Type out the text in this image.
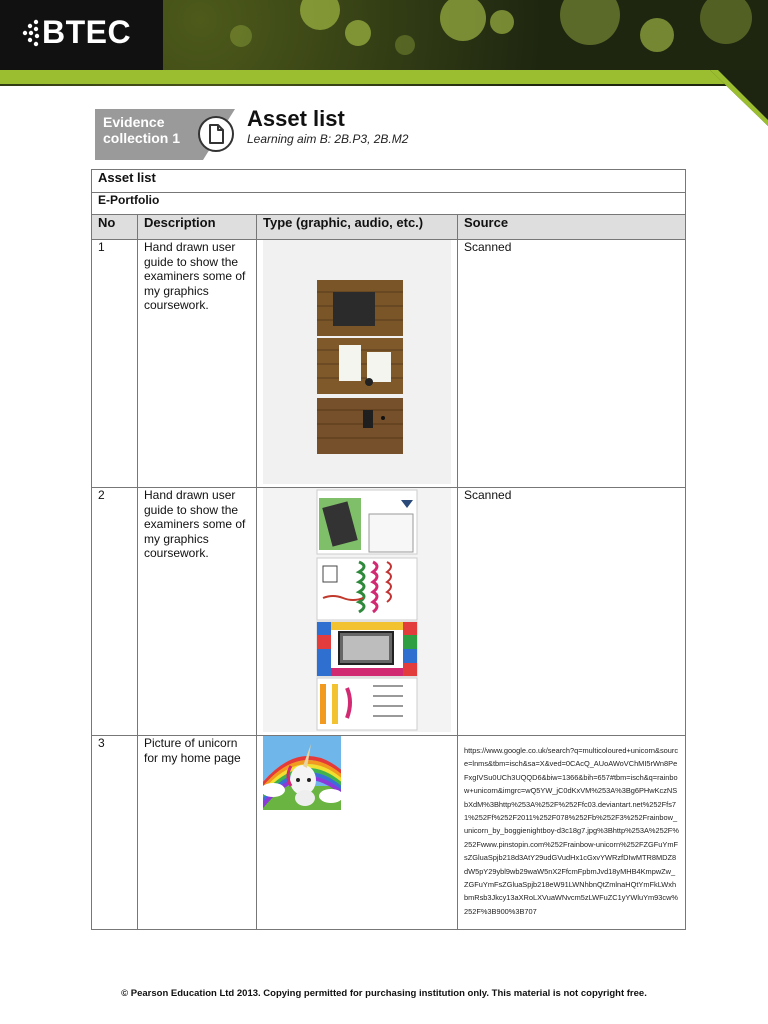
BTEC
Evidence collection 1
Asset list
Learning aim B: 2B.P3, 2B.M2
Asset list			
E-Portfolio			
No	Description	Type (graphic, audio, etc.)	Source
1	Hand drawn user guide to show the examiners some of my graphics coursework.		Scanned
2	Hand drawn user guide to show the examiners some of my graphics coursework.		Scanned
3	Picture of unicorn for my home page		https://www.google.co.uk/search?q=multicoloured+unicorn&source=lnms&tbm=isch&sa=X&ved=0CAcQ_AUoAWoVChMI5rWn8PeFxgIVSu0UCh3UQQD6&biw=1366&bih=657#tbm=isch&q=rainbow+unicorn&imgrc=wQ5YW_jC0dKxVM%253A%3Bg6PHwKczNSbXdM%3Bhttp%253A%252F%252Ffc03.deviantart.net%252Ffs71%252Ff%252F2011%252F078%252Fb%252F3%252Frainbow_unicorn_by_boggienightboy-d3c18g7.jpg%3Bhttp%253A%252F%252Fwww.pinstopin.com%252Frainbow-unicorn%252FZGFuYmFsZGluaSpjb218d3AtY29udGVudHx1cGxvYWRzfDIwMTR8MDZ8dW5pY29ybl9wb29waW5nX2FfcmFpbmJvd18yMHB4KmpwZw_ZGFuYmFsZGluaSpjb218eW91LWNhbnQtZmlnaHQtYmFkLWxhbmRsb3Jkcy13aXRoLXVuaWNvcm5zLWFuZC1yYWluYm93cw%252F%3B900%3B707
© Pearson Education Ltd 2013. Copying permitted for purchasing institution only. This material is not copyright free.
